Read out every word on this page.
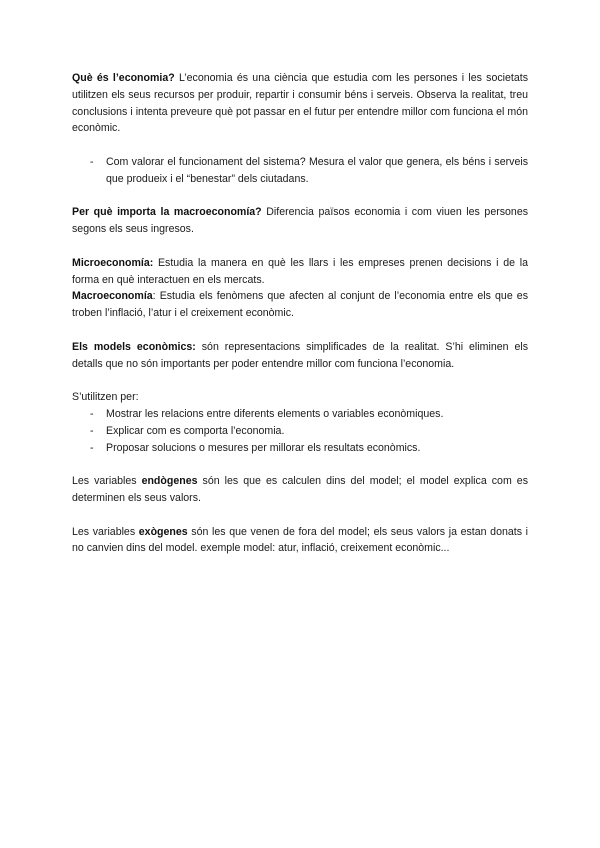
Què és l’economia? L’economia és una ciència que estudia com les persones i les societats utilitzen els seus recursos per produir, repartir i consumir béns i serveis. Observa la realitat, treu conclusions i intenta preveure què pot passar en el futur per entendre millor com funciona el món econòmic.

- Com valorar el funcionament del sistema? Mesura el valor que genera, els béns i serveis que produeix i el “benestar” dels ciutadans.

Per què importa la macroeconomía? Diferencia països economia i com viuen les persones segons els seus ingresos.

Microeconomía: Estudia la manera en què les llars i les empreses prenen decisions i de la forma en què interactuen en els mercats.

Macroeconomía: Estudia els fenòmens que afecten al conjunt de l’economia entre els que es troben l’inflació, l’atur i el creixement econòmic.

Els models econòmics: són representacions simplificades de la realitat. S’hi eliminen els detalls que no són importants per poder entendre millor com funciona l’economia.

S’utilitzen per:

- Mostrar les relacions entre diferents elements o variables econòmiques.
- Explicar com es comporta l’economia.
- Proposar solucions o mesures per millorar els resultats econòmics.

Les variables endògenes són les que es calculen dins del model; el model explica com es determinen els seus valors.

Les variables exògenes són les que venen de fora del model; els seus valors ja estan donats i no canvien dins del model. exemple model: atur, inflació, creixement econòmic...
